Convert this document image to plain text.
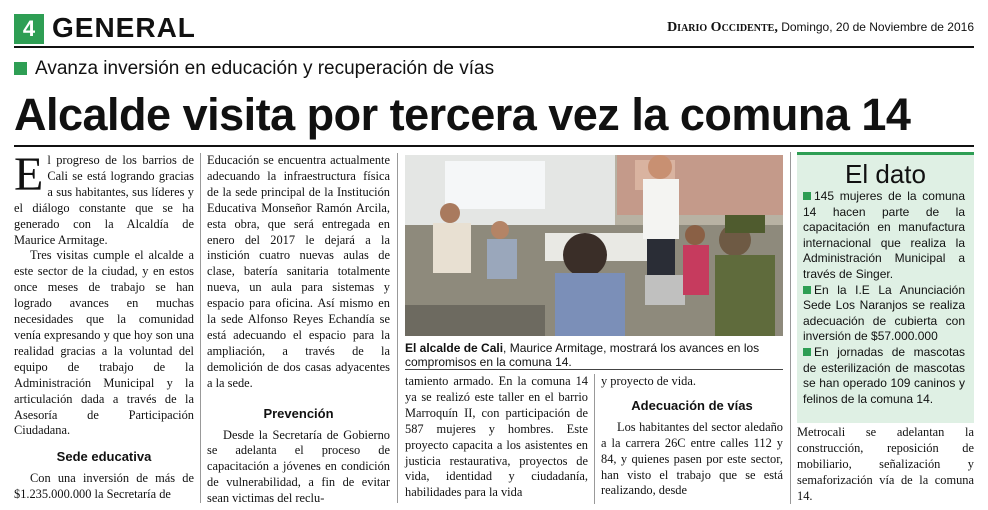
4 GENERAL	Diario Occidente, Domingo, 20 de Noviembre de 2016
Avanza inversión en educación y recuperación de vías
Alcalde visita por tercera vez la comuna 14

El progreso de los barrios de Cali se está logrando gracias a sus habitantes, sus líderes y el diálogo constante que se ha generado con la Alcaldía de Maurice Armitage.

Tres visitas cumple el alcalde a este sector de la ciudad, y en estos once meses de trabajo se han logrado avances en muchas necesidades que la comunidad venía expresando y que hoy son una realidad gracias a la voluntad del equipo de trabajo de la Administración Municipal y la articulación dada a través de la Asesoría de Participación Ciudadana.

Sede educativa

Con una inversión de más de $1.235.000.000 la Secretaría de

Educación se encuentra actualmente adecuando la infraestructura física de la sede principal de la Institución Educativa Monseñor Ramón Arcila, esta obra, que será entregada en enero del 2017 le dejará a la instición cuatro nuevas aulas de clase, batería sanitaria totalmente nueva, un aula para sistemas y espacio para oficina. Así mismo en la sede Alfonso Reyes Echandía se está adecuando el espacio para la ampliación, a través de la demolición de dos casas adyacentes a la sede.

Prevención

Desde la Secretaría de Gobierno se adelanta el proceso de capacitación a jóvenes en condición de vulnerabilidad, a fin de evitar sean victimas del reclu-

El alcalde de Cali, Maurice Armitage, mostrará los avances en los compromisos en la comuna 14.

tamiento armado. En la comuna 14 ya se realizó este taller en el barrio Marroquín II, con participación de 587 mujeres y hombres. Este proyecto capacita a los asistentes en justicia restaurativa, proyectos de vida, identidad y ciudadanía, habilidades para la vida

y proyecto de vida.

Adecuación de vías

Los habitantes del sector aledaño a la carrera 26C entre calles 112 y 84, y quienes pasen por este sector, han visto el trabajo que se está realizando, desde

El dato
145 mujeres de la comuna 14 hacen parte de la capacitación en manufactura internacional que realiza la Administración Municipal a través de Singer.
En la I.E La Anunciación Sede Los Naranjos se realiza adecuación de cubierta con inversión de $57.000.000
En jornadas de mascotas de esterilización de mascotas se han operado 109 caninos y felinos de la comuna 14.

Metrocali se adelantan la construcción, reposición de mobiliario, señalización y semaforización vía de la comuna 14.
